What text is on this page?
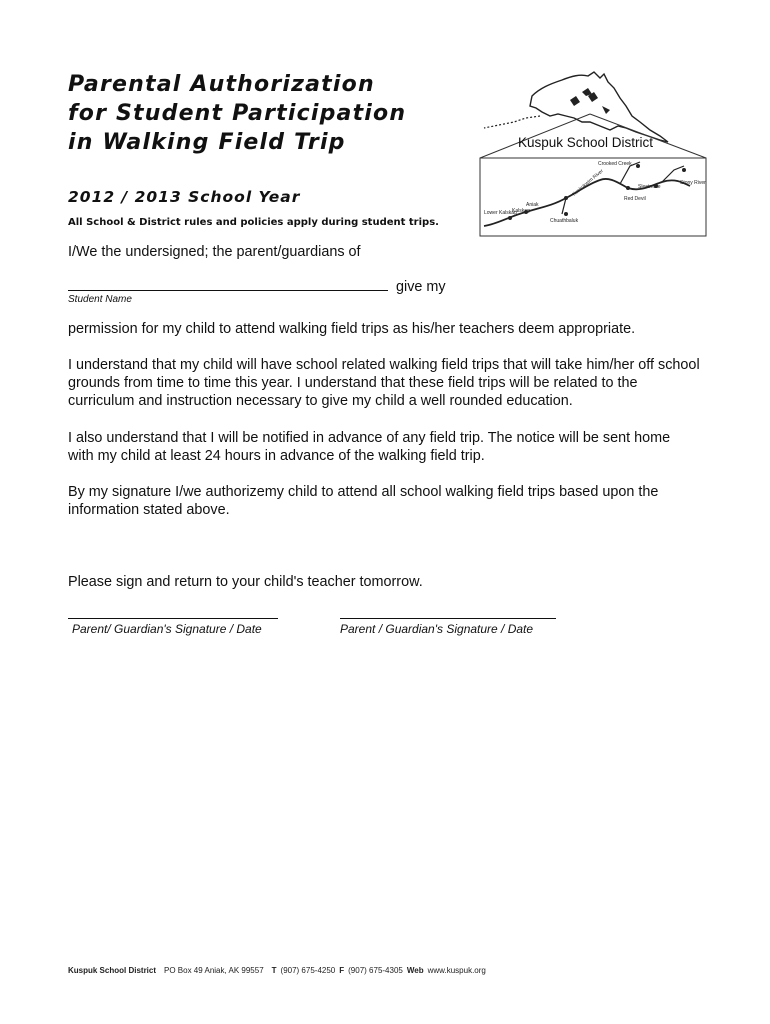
Parental Authorization
for Student Participation
in Walking Field Trip
2012 / 2013 School Year
All School & District rules and policies apply during student trips.
Crooked Creek
Stony River
Sleetmute
Red Devil
Aniak
Kalskag
Lower Kalskag
Chuathbaluk
Kuskokwim River
Kuspuk School District

I/We the undersigned; the parent/guardians of

give my
Student Name

permission for my child to attend walking field trips as his/her teachers deem appropriate.

I understand that my child will have school related walking field trips that will take him/her off school grounds from time to time this year. I understand that these field trips will be related to the curriculum and instruction necessary to give my child a well rounded education.

I also understand that I will be notified in advance of any field trip. The notice will be sent home with my child at least 24 hours in advance of the walking field trip.

By my signature I/we authorizemy child to attend all school walking field trips based upon the information stated above.

Please sign and return to your child's teacher tomorrow.

Parent/ Guardian's Signature / Date	Parent / Guardian's Signature / Date
Kuspuk School District PO Box 49 Aniak, AK 99557 T (907) 675-4250 F (907) 675-4305 Web www.kuspuk.org
